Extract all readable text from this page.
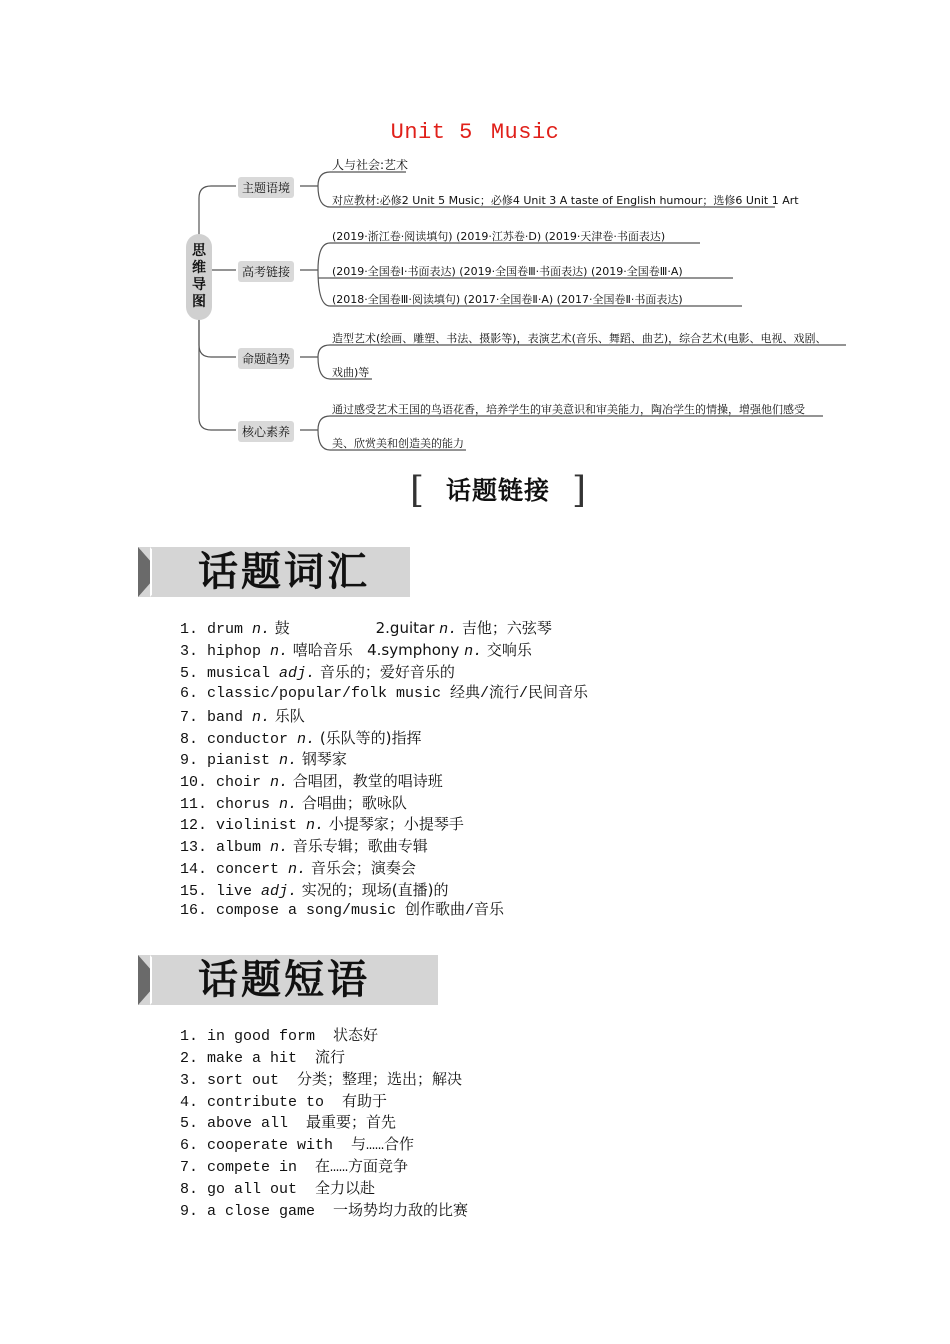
Unit 5 Music
思维导图
主题语境
人与社会:艺术
对应教材:必修2 Unit 5 Music；必修4 Unit 3 A taste of English humour；选修6 Unit 1 Art
高考链接
(2019·浙江卷·阅读填句) (2019·江苏卷·D) (2019·天津卷·书面表达)
(2019·全国卷Ⅰ·书面表达) (2019·全国卷Ⅲ·书面表达) (2019·全国卷Ⅲ·A)
(2018·全国卷Ⅲ·阅读填句) (2017·全国卷Ⅱ·A) (2017·全国卷Ⅱ·书面表达)
命题趋势
造型艺术(绘画、雕塑、书法、摄影等)，表演艺术(音乐、舞蹈、曲艺)，综合艺术(电影、电视、戏剧、
戏曲)等
核心素养
通过感受艺术王国的鸟语花香，培养学生的审美意识和审美能力，陶冶学生的情操，增强他们感受
美、欣赏美和创造美的能力
[ 话题链接 ]
话题词汇
1. drum n. 鼓                  2.guitar n. 吉他；六弦琴
3. hiphop n. 嘻哈音乐   4.symphony n. 交响乐
5. musical adj. 音乐的；爱好音乐的
6. classic/popular/folk music 经典/流行/民间音乐
7. band n. 乐队
8. conductor n. (乐队等的)指挥
9. pianist n. 钢琴家
10. choir n. 合唱团，教堂的唱诗班
11. chorus n. 合唱曲；歌咏队
12. violinist n. 小提琴家；小提琴手
13. album n. 音乐专辑；歌曲专辑
14. concert n. 音乐会；演奏会
15. live adj. 实况的；现场(直播)的
16. compose a song/music 创作歌曲/音乐
话题短语
1. in good form  状态好
2. make a hit  流行
3. sort out  分类；整理；选出；解决
4. contribute to  有助于
5. above all  最重要；首先
6. cooperate with  与……合作
7. compete in  在……方面竞争
8. go all out  全力以赴
9. a close game  一场势均力敌的比赛
